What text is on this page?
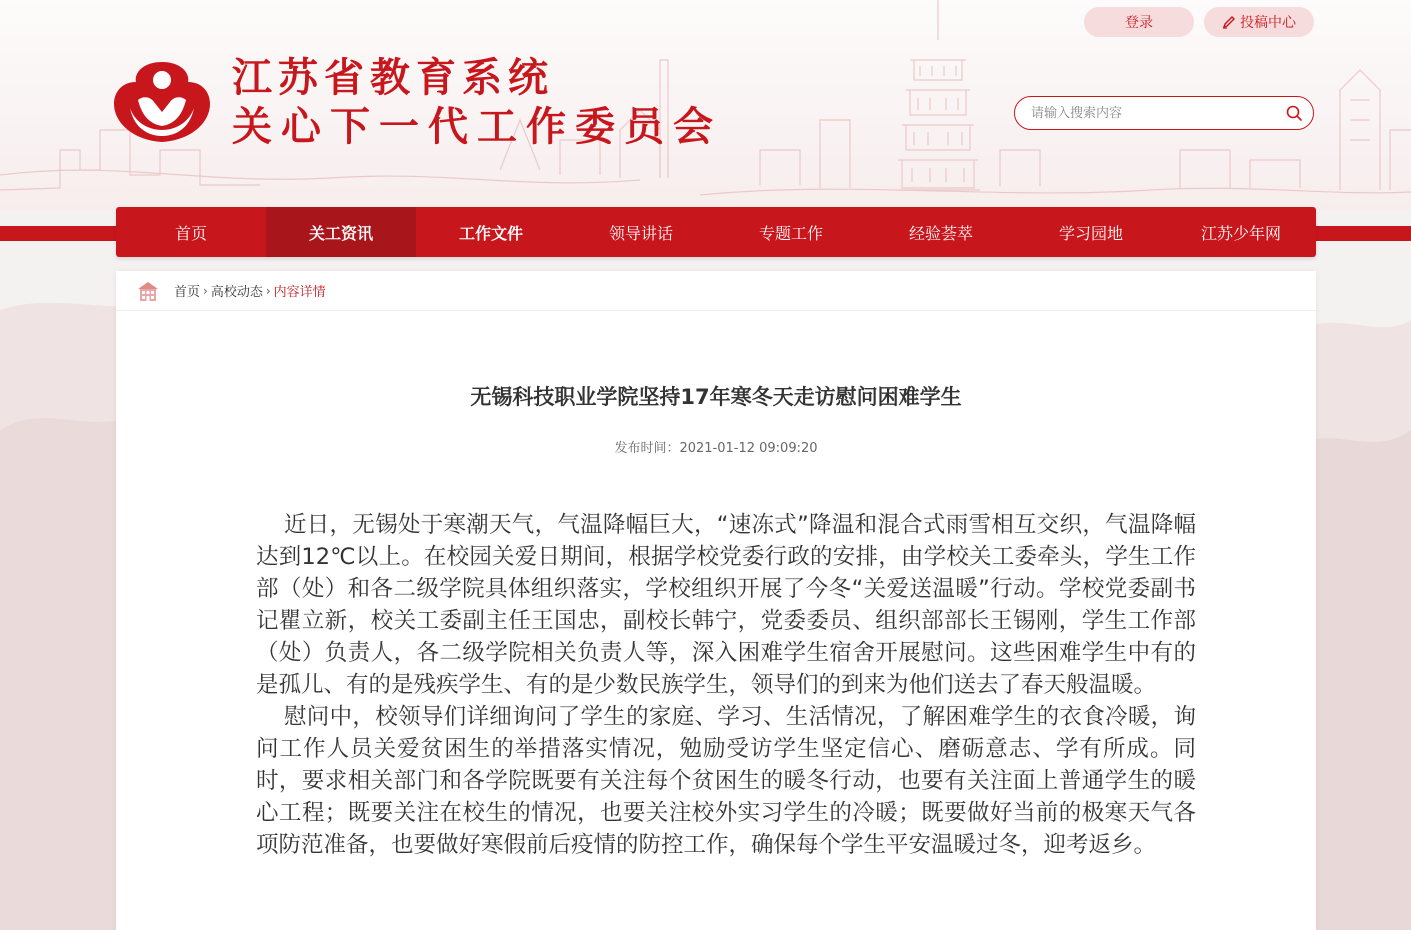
登录	投稿中心
江苏省教育系统
关心下一代工作委员会
请输入搜索内容
首页	关工资讯	工作文件	领导讲话	专题工作	经验荟萃	学习园地	江苏少年网
首页 › 高校动态 › 内容详情
无锡科技职业学院坚持17年寒冬天走访慰问困难学生
发布时间：2021-01-12 09:09:20

近日，无锡处于寒潮天气，气温降幅巨大，“速冻式”降温和混合式雨雪相互交织，气温降幅达到12℃以上。在校园关爱日期间，根据学校党委行政的安排，由学校关工委牵头，学生工作部（处）和各二级学院具体组织落实，学校组织开展了今冬“关爱送温暖”行动。学校党委副书记瞿立新，校关工委副主任王国忠，副校长韩宁，党委委员、组织部部长王锡刚，学生工作部（处）负责人，各二级学院相关负责人等，深入困难学生宿舍开展慰问。这些困难学生中有的是孤儿、有的是残疾学生、有的是少数民族学生，领导们的到来为他们送去了春天般温暖。

慰问中，校领导们详细询问了学生的家庭、学习、生活情况，了解困难学生的衣食冷暖，询问工作人员关爱贫困生的举措落实情况，勉励受访学生坚定信心、磨砺意志、学有所成。同时，要求相关部门和各学院既要有关注每个贫困生的暖冬行动，也要有关注面上普通学生的暖心工程；既要关注在校生的情况，也要关注校外实习学生的冷暖；既要做好当前的极寒天气各项防范准备，也要做好寒假前后疫情的防控工作，确保每个学生平安温暖过冬，迎考返乡。
